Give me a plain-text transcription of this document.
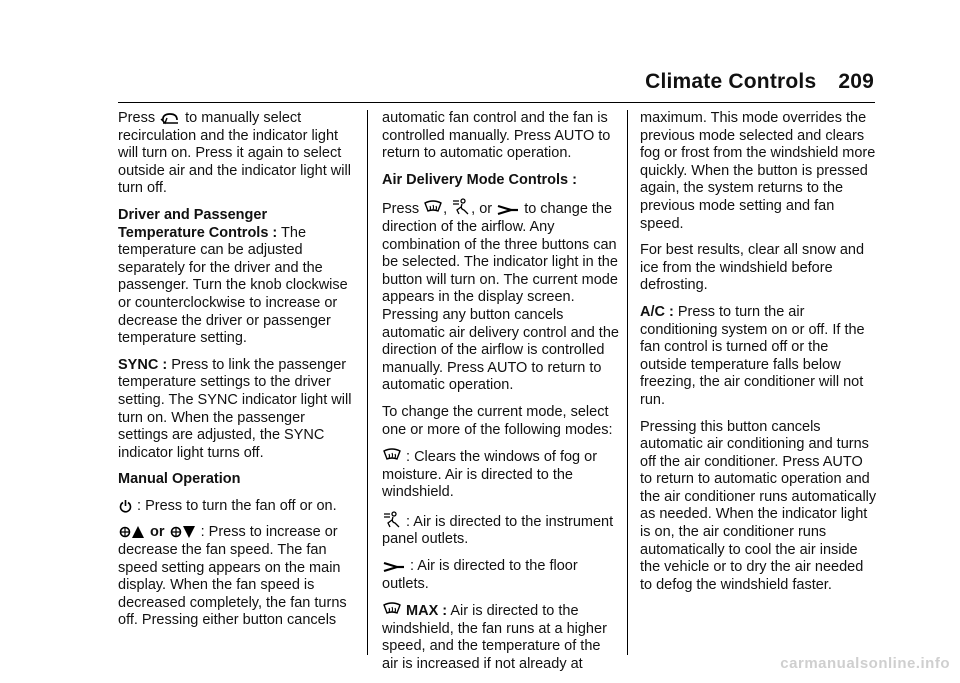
Climate Controls 209

Press to manually select recirculation and the indicator light will turn on. Press it again to select outside air and the indicator light will turn off.

Driver and Passenger Temperature Controls : The temperature can be adjusted separately for the driver and the passenger. Turn the knob clockwise or counterclockwise to increase or decrease the driver or passenger temperature setting.

SYNC : Press to link the passenger temperature settings to the driver setting. The SYNC indicator light will turn on. When the passenger settings are adjusted, the SYNC indicator light turns off.

Manual Operation

: Press to turn the fan off or on.

or : Press to increase or decrease the fan speed. The fan speed setting appears on the main display. When the fan speed is decreased completely, the fan turns off. Pressing either button cancels

automatic fan control and the fan is controlled manually. Press AUTO to return to automatic operation.

Air Delivery Mode Controls :

Press , , or to change the direction of the airflow. Any combination of the three buttons can be selected. The indicator light in the button will turn on. The current mode appears in the display screen. Pressing any button cancels automatic air delivery control and the direction of the airflow is controlled manually. Press AUTO to return to automatic operation.

To change the current mode, select one or more of the following modes:

: Clears the windows of fog or moisture. Air is directed to the windshield.

: Air is directed to the instrument panel outlets.

: Air is directed to the floor outlets.

MAX : Air is directed to the windshield, the fan runs at a higher speed, and the temperature of the air is increased if not already at

maximum. This mode overrides the previous mode selected and clears fog or frost from the windshield more quickly. When the button is pressed again, the system returns to the previous mode setting and fan speed.

For best results, clear all snow and ice from the windshield before defrosting.

A/C : Press to turn the air conditioning system on or off. If the fan control is turned off or the outside temperature falls below freezing, the air conditioner will not run.

Pressing this button cancels automatic air conditioning and turns off the air conditioner. Press AUTO to return to automatic operation and the air conditioner runs automatically as needed. When the indicator light is on, the air conditioner runs automatically to cool the air inside the vehicle or to dry the air needed to defog the windshield faster.

carmanualsonline.info
